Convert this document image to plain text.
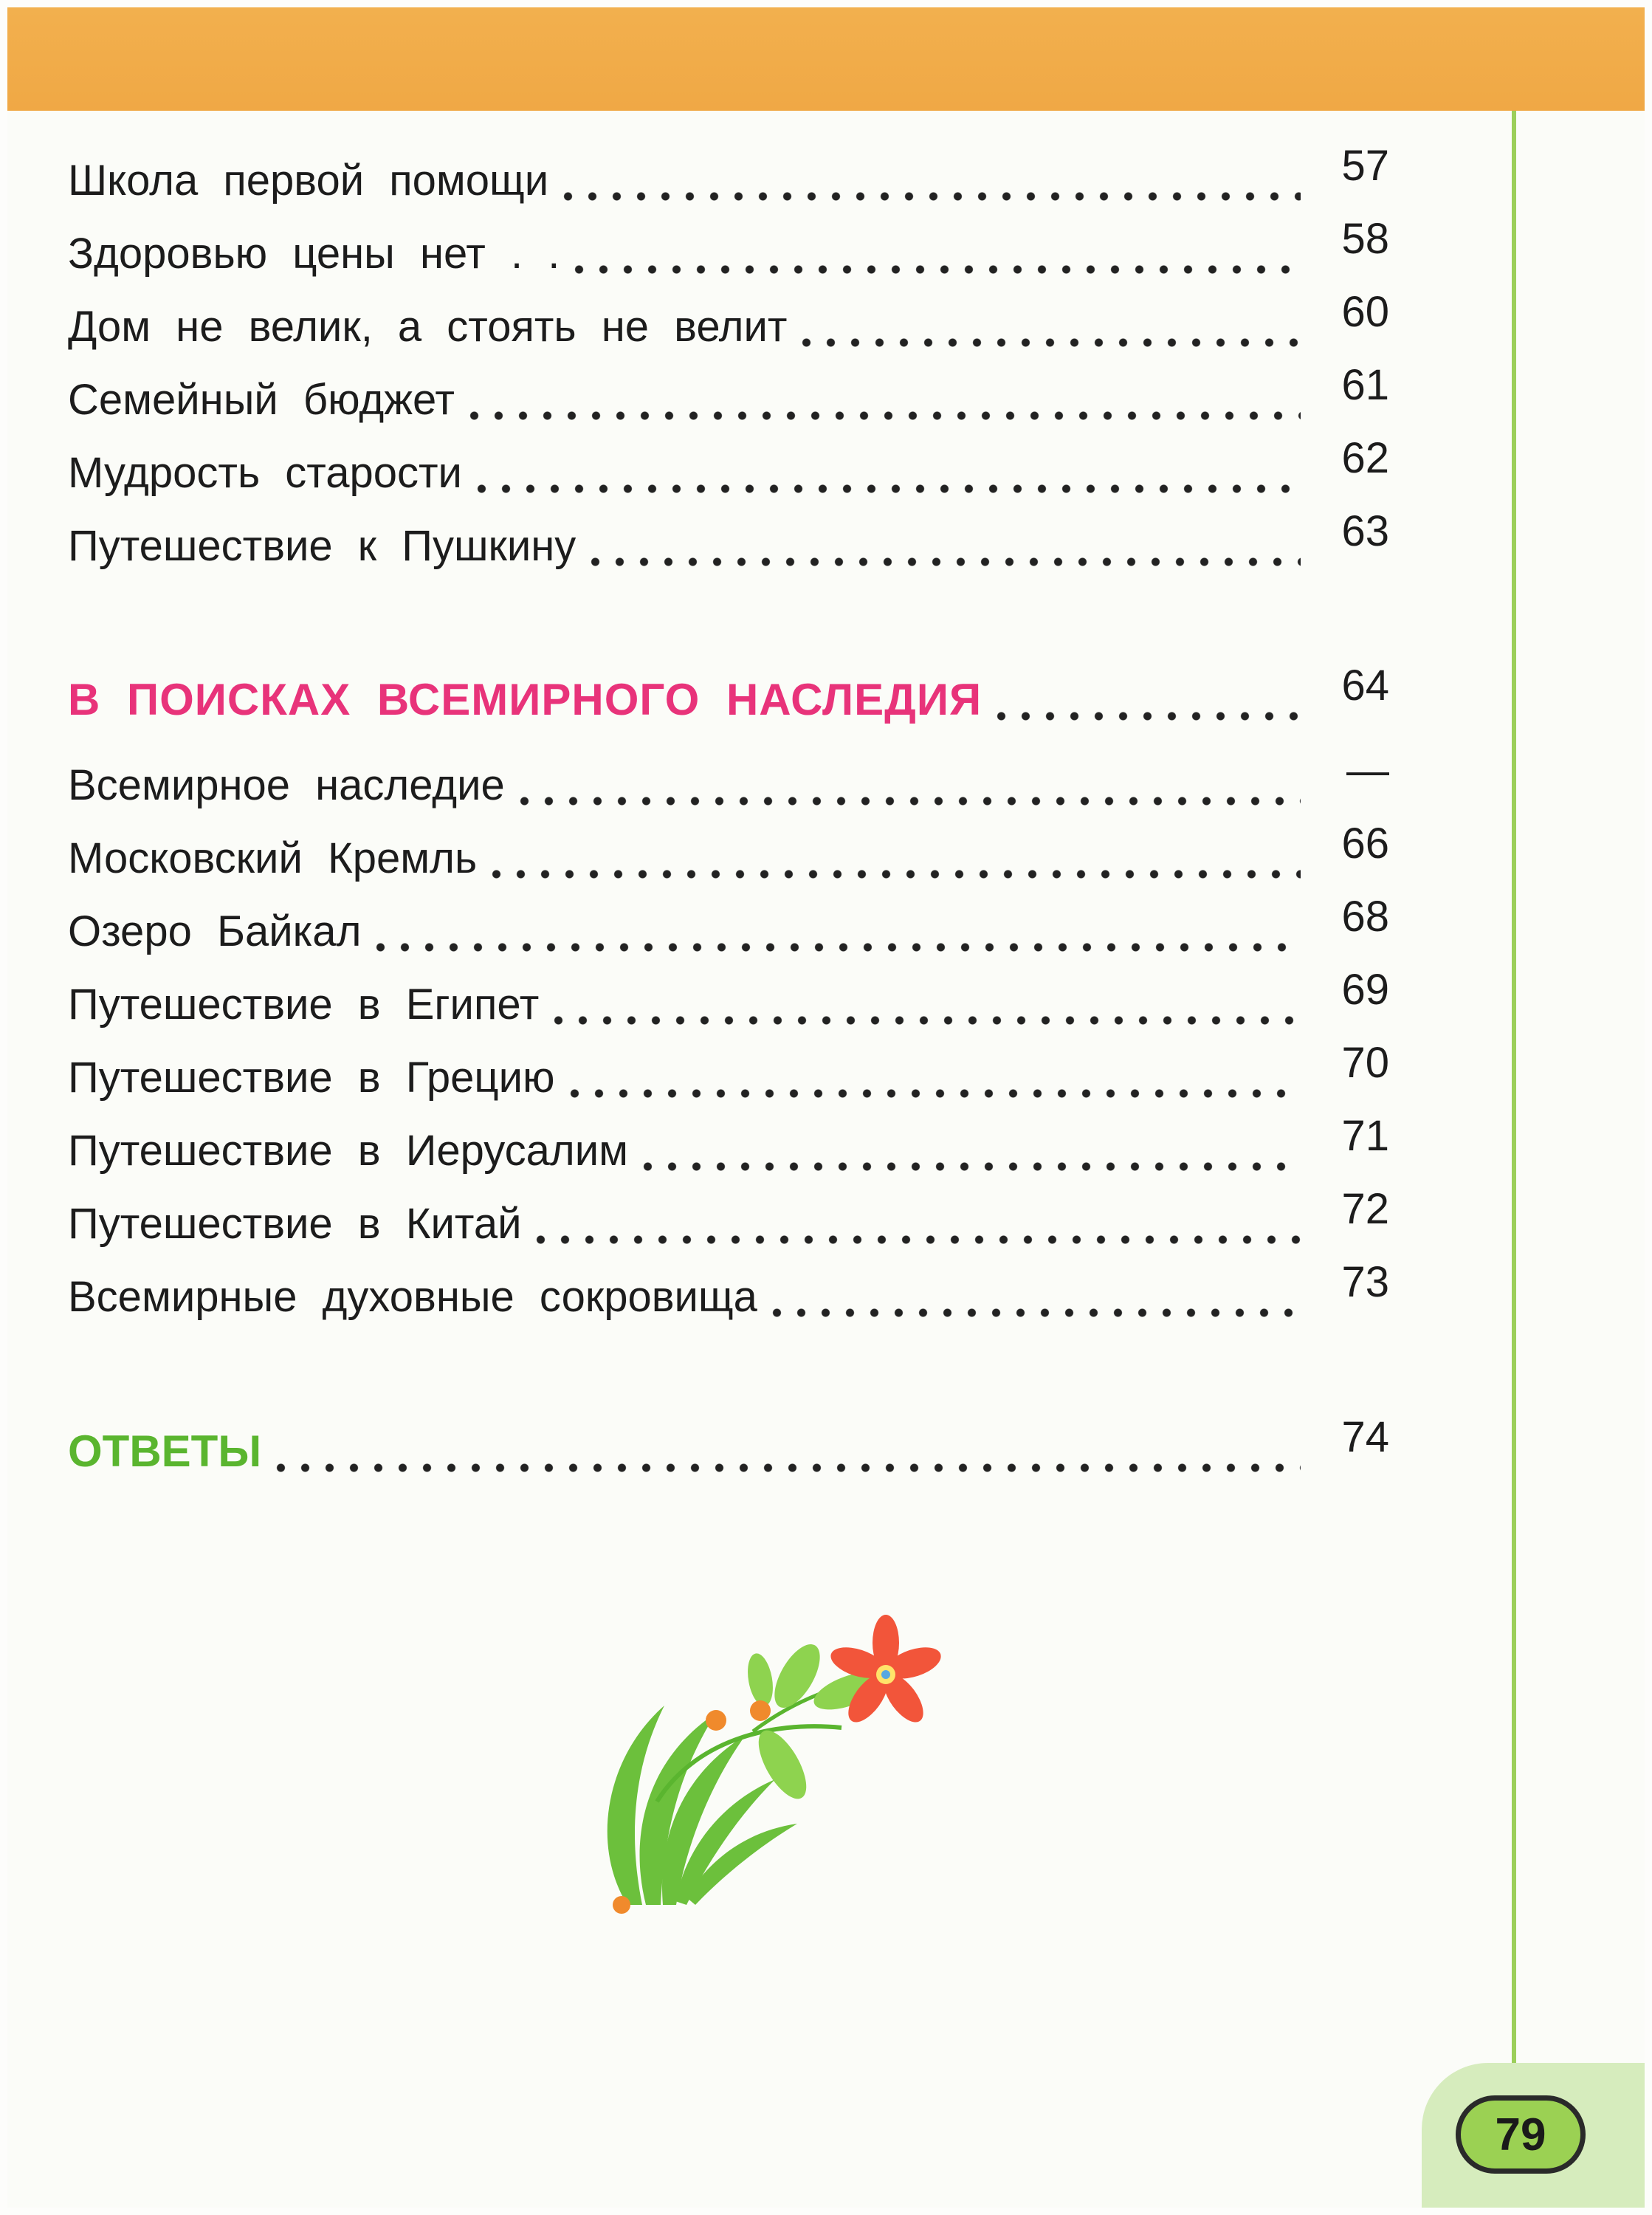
Школа первой помощи	57
Здоровью цены нет . .	58
Дом не велик, а стоять не велит	60
Семейный бюджет	61
Мудрость старости	62
Путешествие к Пушкину	63
В ПОИСКАХ ВСЕМИРНОГО НАСЛЕДИЯ	64
Всемирное наследие	—
Московский Кремль	66
Озеро Байкал	68
Путешествие в Египет	69
Путешествие в Грецию	70
Путешествие в Иерусалим	71
Путешествие в Китай	72
Всемирные духовные сокровища	73
ОТВЕТЫ	74
79
